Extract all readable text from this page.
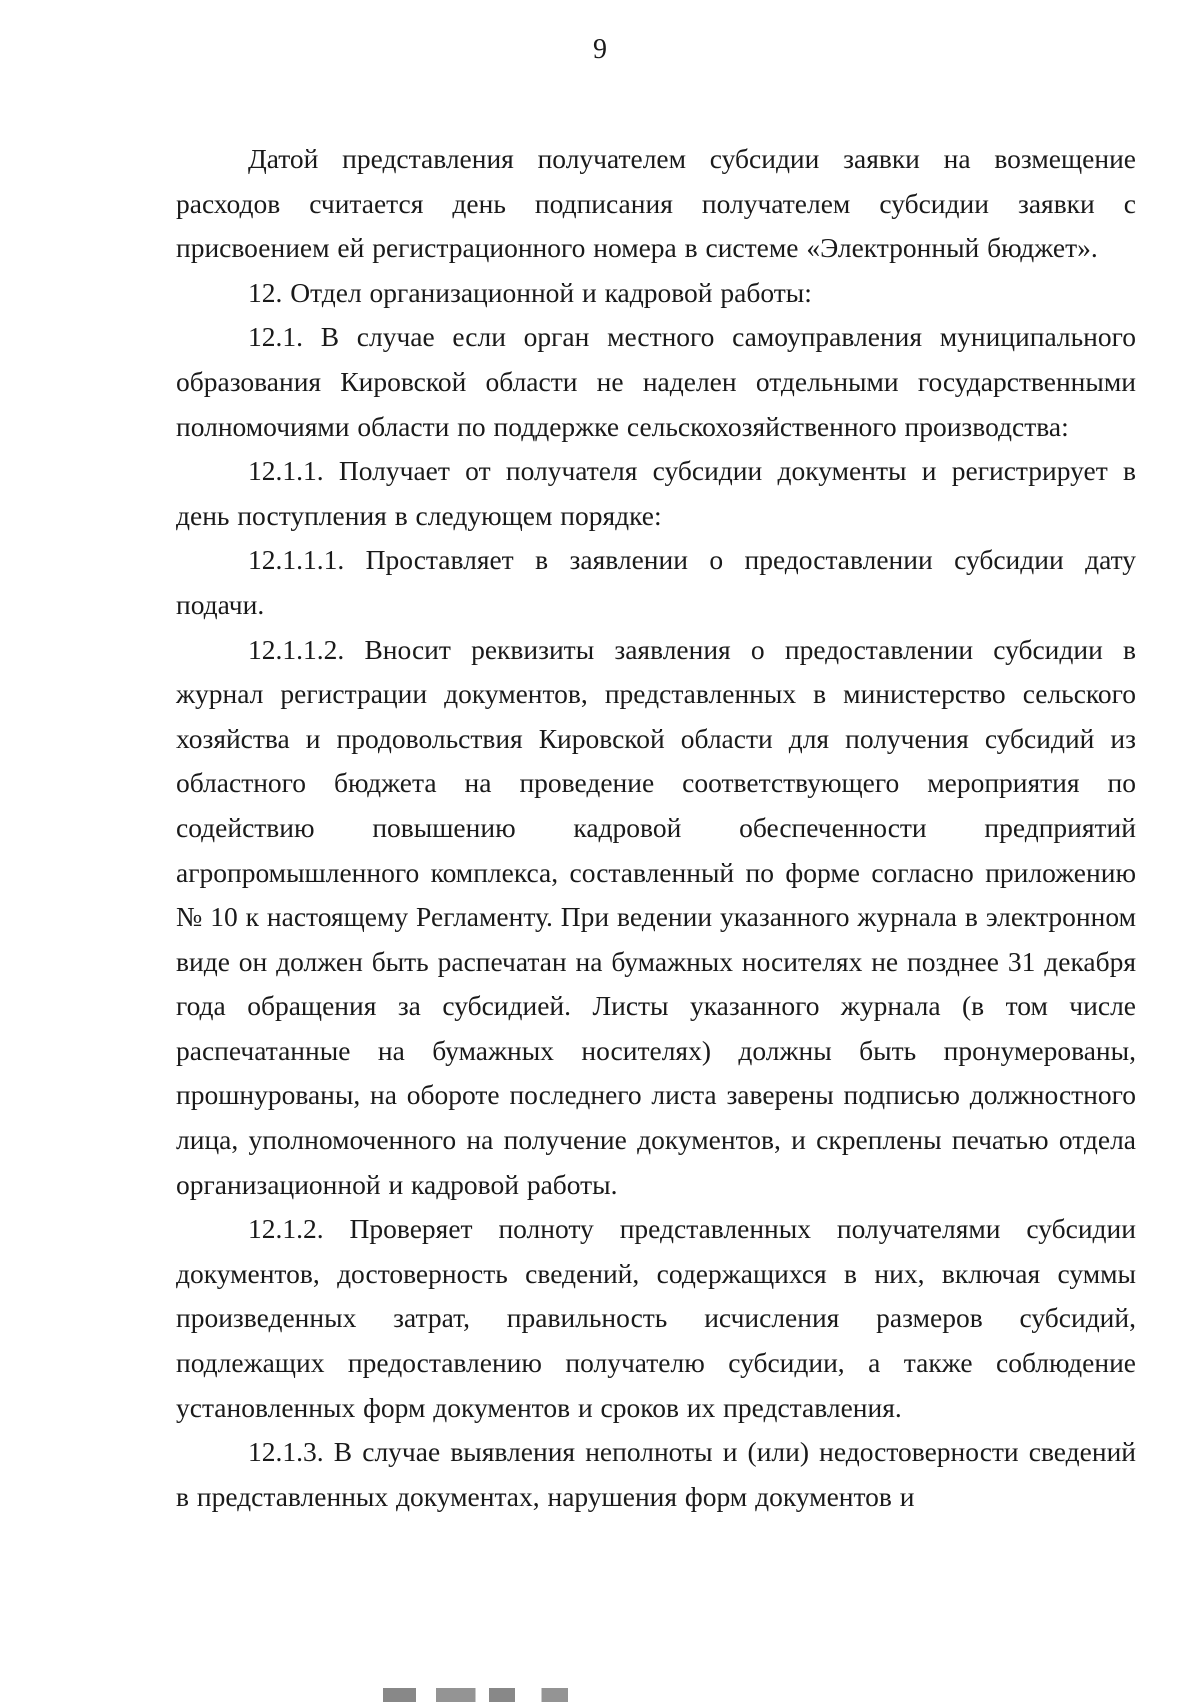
9

Датой представления получателем субсидии заявки на возмещение расходов считается день подписания получателем субсидии заявки с присвоением ей регистрационного номера в системе «Электронный бюджет».

12. Отдел организационной и кадровой работы:

12.1. В случае если орган местного самоуправления муниципального образования Кировской области не наделен отдельными государственными полномочиями области по поддержке сельскохозяйственного производства:

12.1.1. Получает от получателя субсидии документы и регистрирует в день поступления в следующем порядке:

12.1.1.1. Проставляет в заявлении о предоставлении субсидии дату подачи.

12.1.1.2. Вносит реквизиты заявления о предоставлении субсидии в журнал регистрации документов, представленных в министерство сельского хозяйства и продовольствия Кировской области для получения субсидий из областного бюджета на проведение соответствующего мероприятия по содействию повышению кадровой обеспеченности предприятий агропромышленного комплекса, составленный по форме согласно приложению № 10 к настоящему Регламенту. При ведении указанного журнала в электронном виде он должен быть распечатан на бумажных носителях не позднее 31 декабря года обращения за субсидией. Листы указанного журнала (в том числе распечатанные на бумажных носителях) должны быть пронумерованы, прошнурованы, на обороте последнего листа заверены подписью должностного лица, уполномоченного на получение документов, и скреплены печатью отдела организационной и кадровой работы.

12.1.2. Проверяет полноту представленных получателями субсидии документов, достоверность сведений, содержащихся в них, включая суммы произведенных затрат, правильность исчисления размеров субсидий, подлежащих предоставлению получателю субсидии, а также соблюдение установленных форм документов и сроков их представления.

12.1.3. В случае выявления неполноты и (или) недостоверности сведений в представленных документах, нарушения форм документов и
